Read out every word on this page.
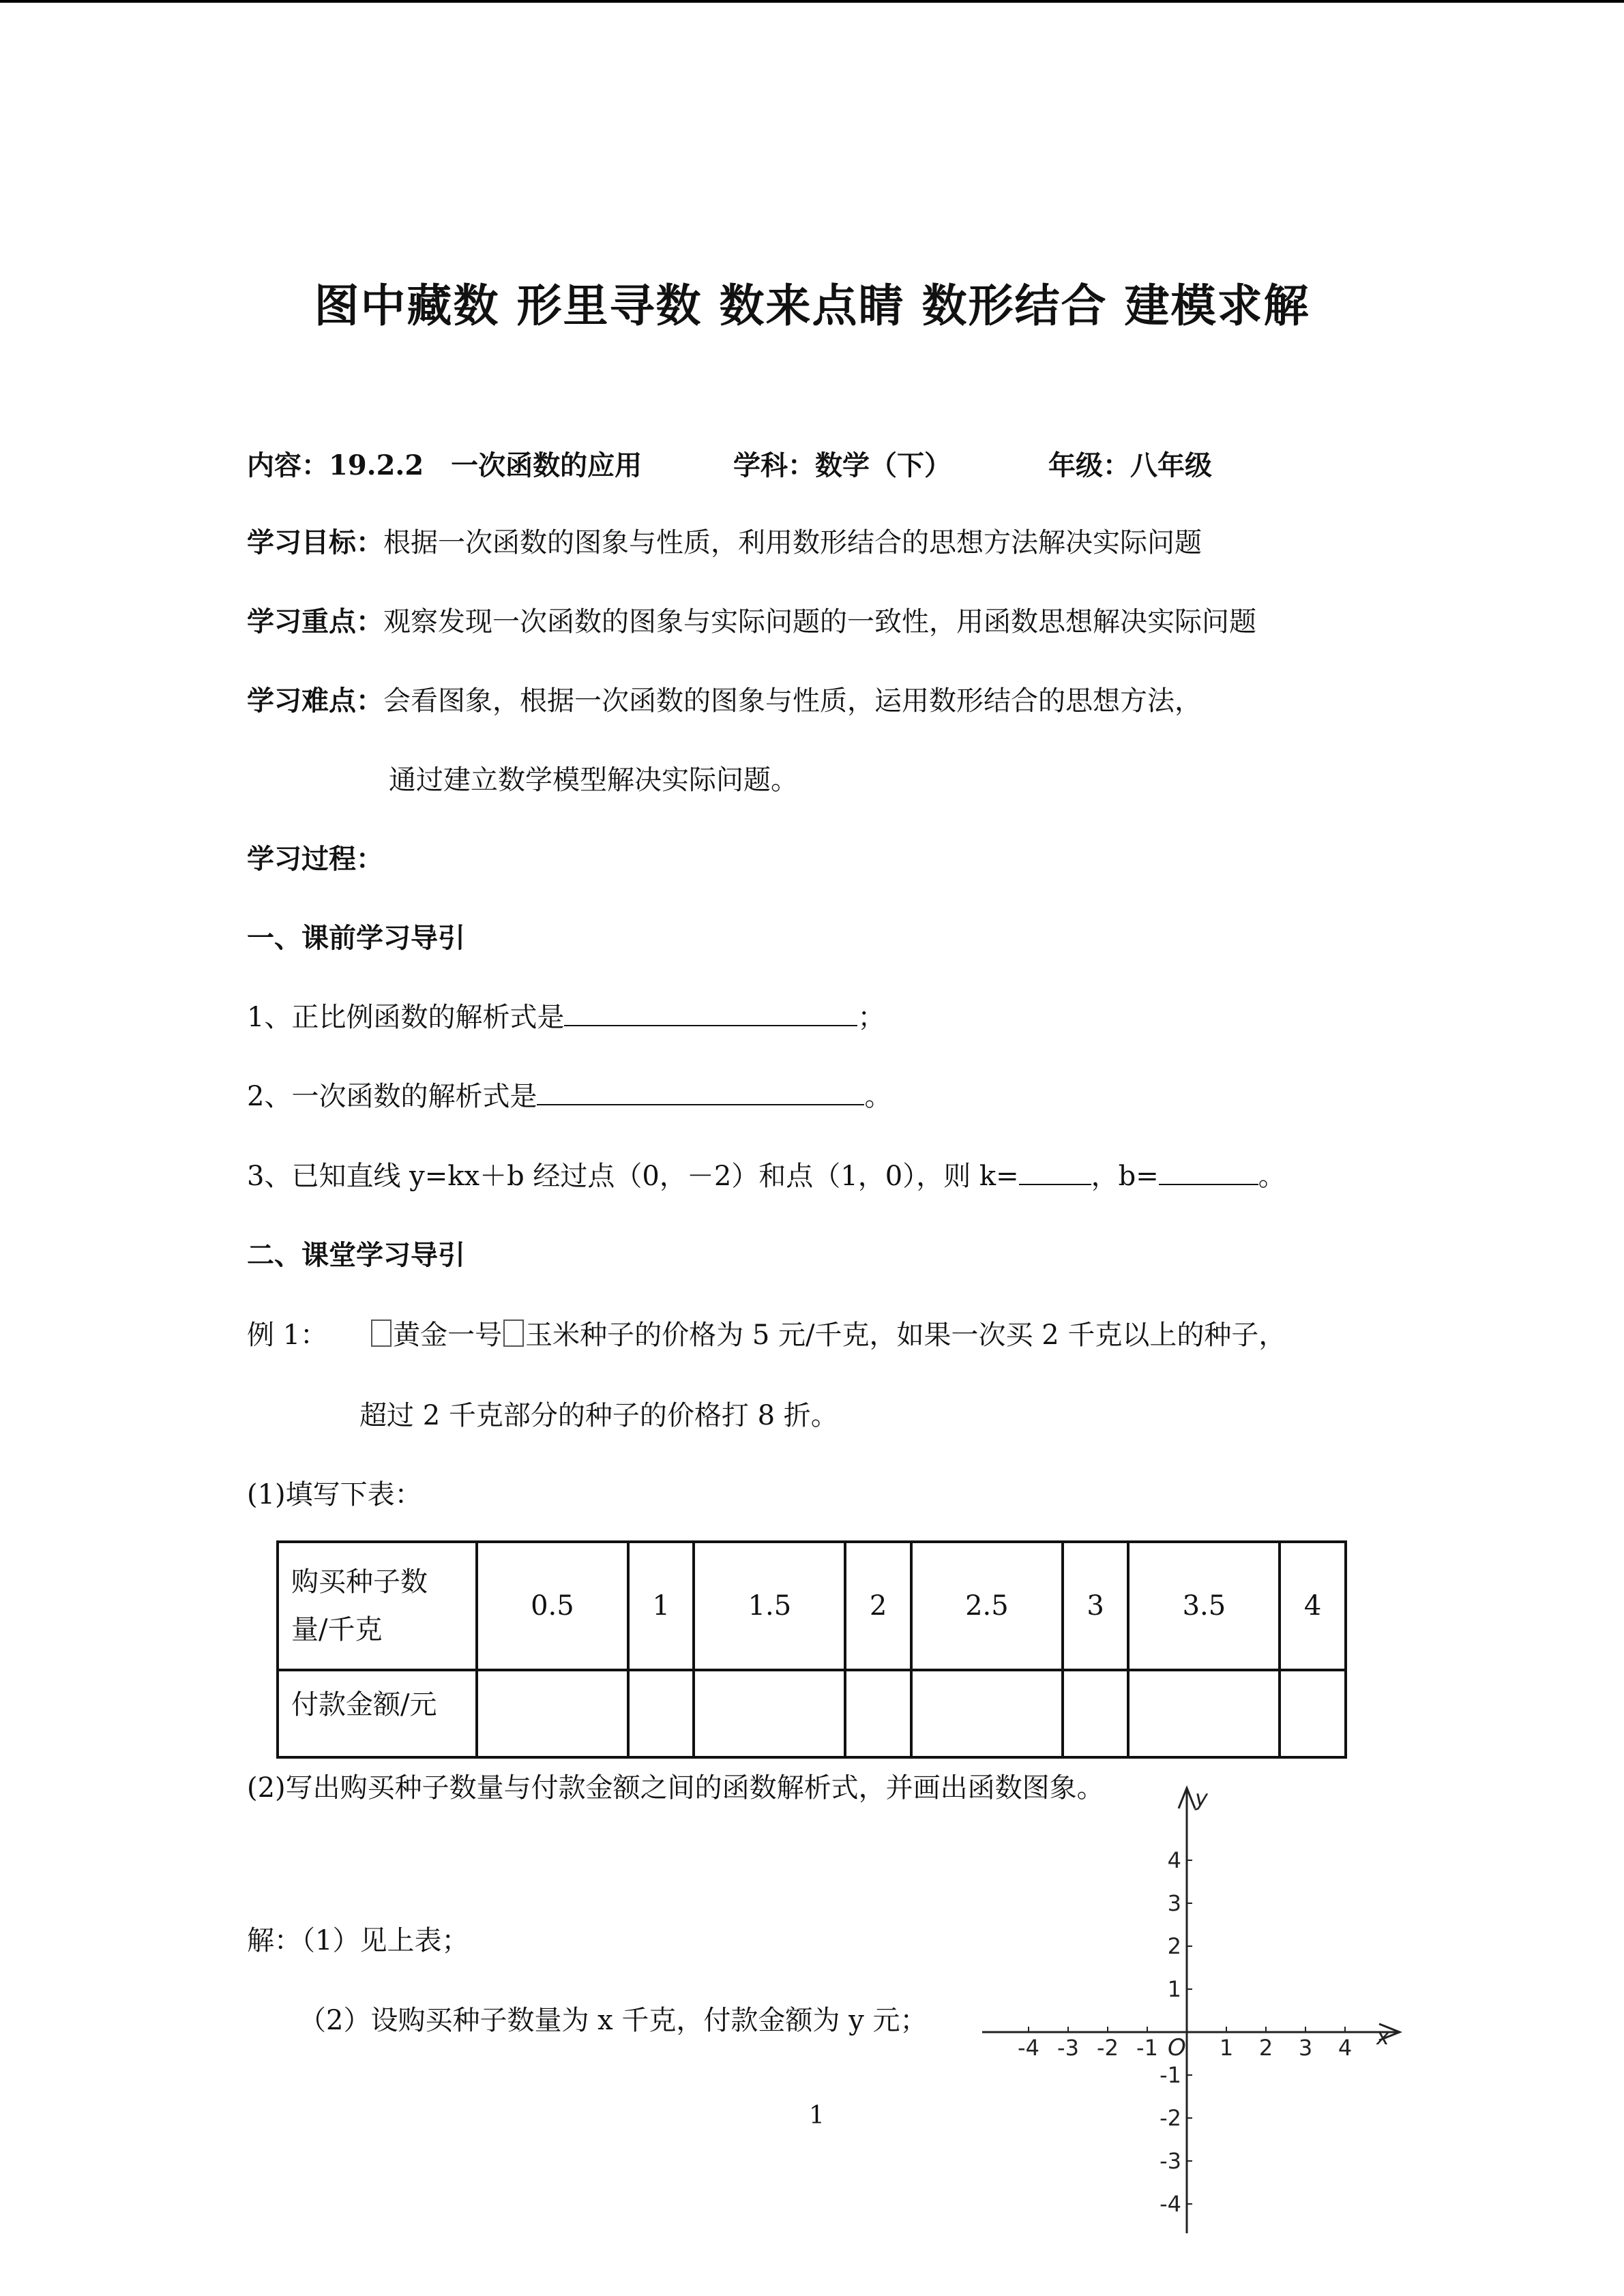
图中藏数 形里寻数 数来点睛 数形结合 建模求解
内容：19.2.2　一次函数的应用	学科：数学（下）	年级：八年级
学习目标：根据一次函数的图象与性质，利用数形结合的思想方法解决实际问题
学习重点：观察发现一次函数的图象与实际问题的一致性，用函数思想解决实际问题
学习难点：会看图象，根据一次函数的图象与性质，运用数形结合的思想方法，
通过建立数学模型解决实际问题。
学习过程：
一、课前学习导引
1、正比例函数的解析式是	；
2、一次函数的解析式是	。
3、已知直线 y=kx＋b 经过点（0，－2）和点（1，0），则 k=	，b=	。
二、课堂学习导引
例 1： 黄金一号 玉米种子的价格为 5 元/千克，如果一次买 2 千克以上的种子，
超过 2 千克部分的种子的价格打 8 折。
(1)填写下表：
购买种子数
量/千克	0.5	1	1.5	2	2.5	3	3.5	4
付款金额/元								
(2)写出购买种子数量与付款金额之间的函数解析式，并画出函数图象。
解：（1）见上表；
（2）设购买种子数量为 x 千克，付款金额为 y 元；
-4 -3 -2 -1	1 2 3 4
4
3
2
1
-1
-2
-3
-4
x
y
O
1
